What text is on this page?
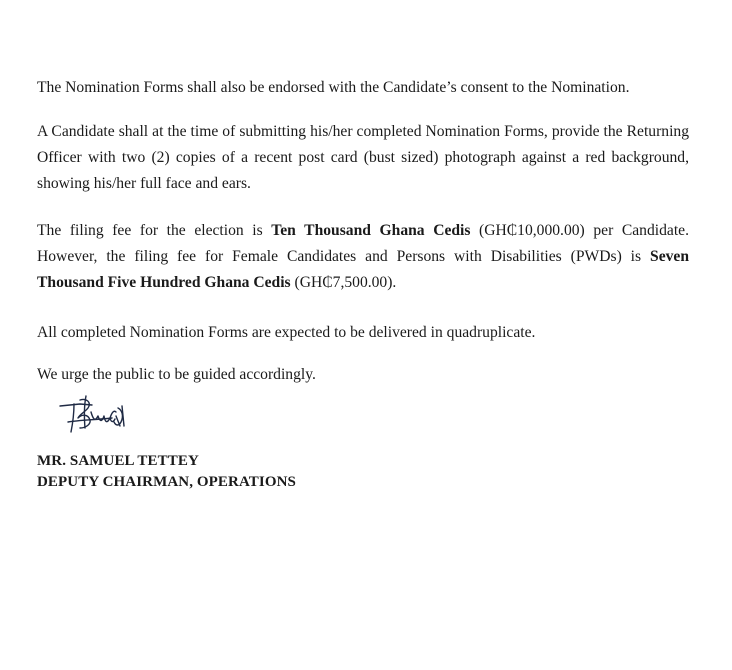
The Nomination Forms shall also be endorsed with the Candidate’s consent to the Nomination.

A Candidate shall at the time of submitting his/her completed Nomination Forms, provide the Returning Officer with two (2) copies of a recent post card (bust sized) photograph against a red background, showing his/her full face and ears.

The filing fee for the election is Ten Thousand Ghana Cedis (GH₵10,000.00) per Candidate. However, the filing fee for Female Candidates and Persons with Disabilities (PWDs) is Seven Thousand Five Hundred Ghana Cedis (GH₵7,500.00).

All completed Nomination Forms are expected to be delivered in quadruplicate.

We urge the public to be guided accordingly.

MR. SAMUEL TETTEY
DEPUTY CHAIRMAN, OPERATIONS
